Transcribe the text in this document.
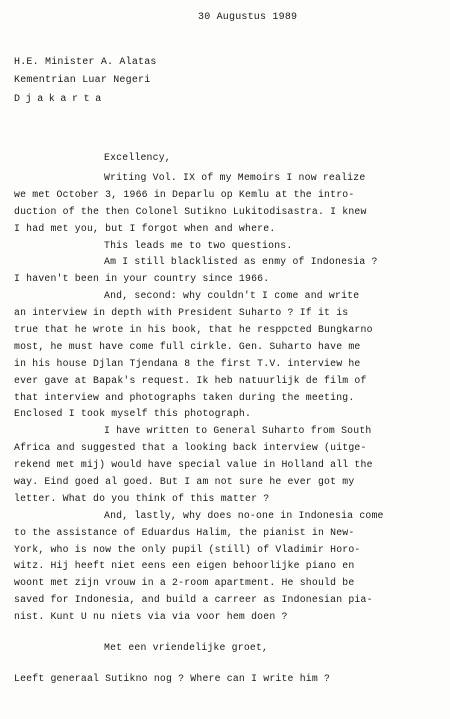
30 Augustus 1989
H.E. Minister A. Alatas
Kementrian Luar Negeri
Djakarta
Excellency,
Writing Vol. IX of my Memoirs I now realize
we met October 3, 1966 in Deparlu op Kemlu at the intro-
duction of the then Colonel Sutikno Lukitodisastra. I knew
I had met you, but I forgot when and where.
This leads me to two questions.
Am I still blacklisted as enmy of Indonesia ?
I haven't been in your country since 1966.
And, second: why couldn't I come and write
an interview in depth with President Suharto ? If it is
true that he wrote in his book, that he resppcted Bungkarno
most, he must have come full cirkle. Gen. Suharto have me
in his house Djlan Tjendana 8 the first T.V. interview he
ever gave at Bapak's request. Ik heb natuurlijk de film of
that interview and photographs taken during the meeting.
Enclosed I took myself this photograph.
I have written to General Suharto from South
Africa and suggested that a looking back interview (uitge-
rekend met mij) would have special value in Holland all the
way. Eind goed al goed. But I am not sure he ever got my
letter. What do you think of this matter ?
And, lastly, why does no-one in Indonesia come
to the assistance of Eduardus Halim, the pianist in New-
York, who is now the only pupil (still) of Vladimir Horo-
witz. Hij heeft niet eens een eigen behoorlijke piano en
woont met zijn vrouw in a 2-room apartment. He should be
saved for Indonesia, and build a carreer as Indonesian pia-
nist. Kunt U nu niets via via voor hem doen ?
Met een vriendelijke groet,
Leeft generaal Sutikno nog ? Where can I write him ?
